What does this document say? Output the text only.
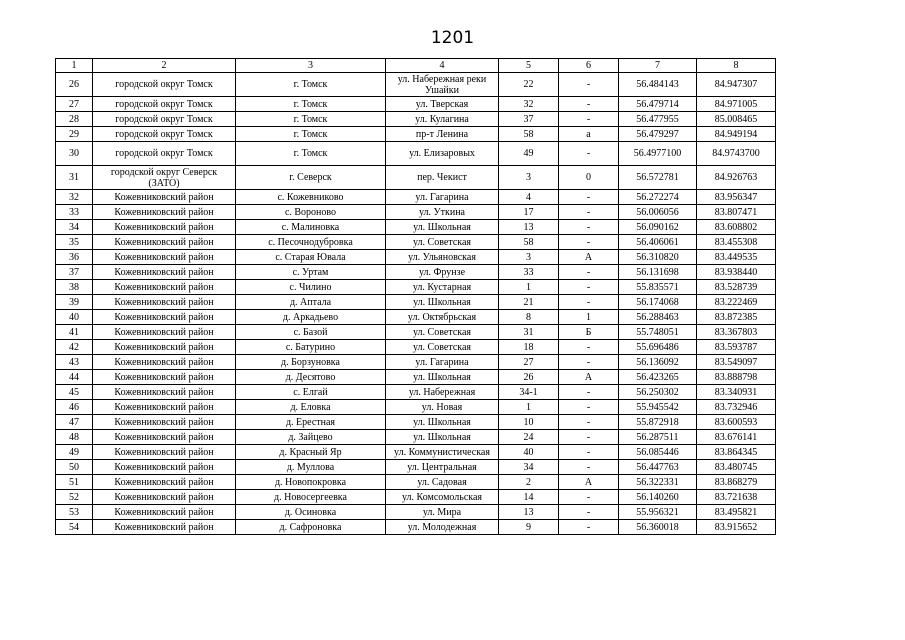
1201
1	2	3	4	5	6	7	8
26	городской округ Томск	г. Томск	ул. Набережная реки Ушайки	22	-	56.484143	84.947307
27	городской округ Томск	г. Томск	ул. Тверская	32	-	56.479714	84.971005
28	городской округ Томск	г. Томск	ул. Кулагина	37	-	56.477955	85.008465
29	городской округ Томск	г. Томск	пр-т Ленина	58	а	56.479297	84.949194
30	городской округ Томск	г. Томск	ул. Елизаровых	49	-	56.4977100	84.9743700
31	городской округ Северск (ЗАТО)	г. Северск	пер. Чекист	3	0	56.572781	84.926763
32	Кожевниковский район	с. Кожевниково	ул. Гагарина	4	-	56.272274	83.956347
33	Кожевниковский район	с. Вороново	ул. Уткина	17	-	56.006056	83.807471
34	Кожевниковский район	с. Малиновка	ул. Школьная	13	-	56.090162	83.608802
35	Кожевниковский район	с. Песочнодубровка	ул. Советская	58	-	56.406061	83.455308
36	Кожевниковский район	с. Старая Ювала	ул. Ульяновская	3	А	56.310820	83.449535
37	Кожевниковский район	с. Уртам	ул. Фрунзе	33	-	56.131698	83.938440
38	Кожевниковский район	с. Чилино	ул. Кустарная	1	-	55.835571	83.528739
39	Кожевниковский район	д. Аптала	ул. Школьная	21	-	56.174068	83.222469
40	Кожевниковский район	д. Аркадьево	ул. Октябрьская	8	1	56.288463	83.872385
41	Кожевниковский район	с. Базой	ул. Советская	31	Б	55.748051	83.367803
42	Кожевниковский район	с. Батурино	ул. Советская	18	-	55.696486	83.593787
43	Кожевниковский район	д. Борзуновка	ул. Гагарина	27	-	56.136092	83.549097
44	Кожевниковский район	д. Десятово	ул. Школьная	26	А	56.423265	83.888798
45	Кожевниковский район	с. Елгай	ул. Набережная	34-1	-	56.250302	83.340931
46	Кожевниковский район	д. Еловка	ул. Новая	1	-	55.945542	83.732946
47	Кожевниковский район	д. Ерестная	ул. Школьная	10	-	55.872918	83.600593
48	Кожевниковский район	д. Зайцево	ул. Школьная	24	-	56.287511	83.676141
49	Кожевниковский район	д. Красный Яр	ул. Коммунистическая	40	-	56.085446	83.864345
50	Кожевниковский район	д. Муллова	ул. Центральная	34	-	56.447763	83.480745
51	Кожевниковский район	д. Новопокровка	ул. Садовая	2	А	56.322331	83.868279
52	Кожевниковский район	д. Новосергеевка	ул. Комсомольская	14	-	56.140260	83.721638
53	Кожевниковский район	д. Осиновка	ул. Мира	13	-	55.956321	83.495821
54	Кожевниковский район	д. Сафроновка	ул. Молодежная	9	-	56.360018	83.915652
